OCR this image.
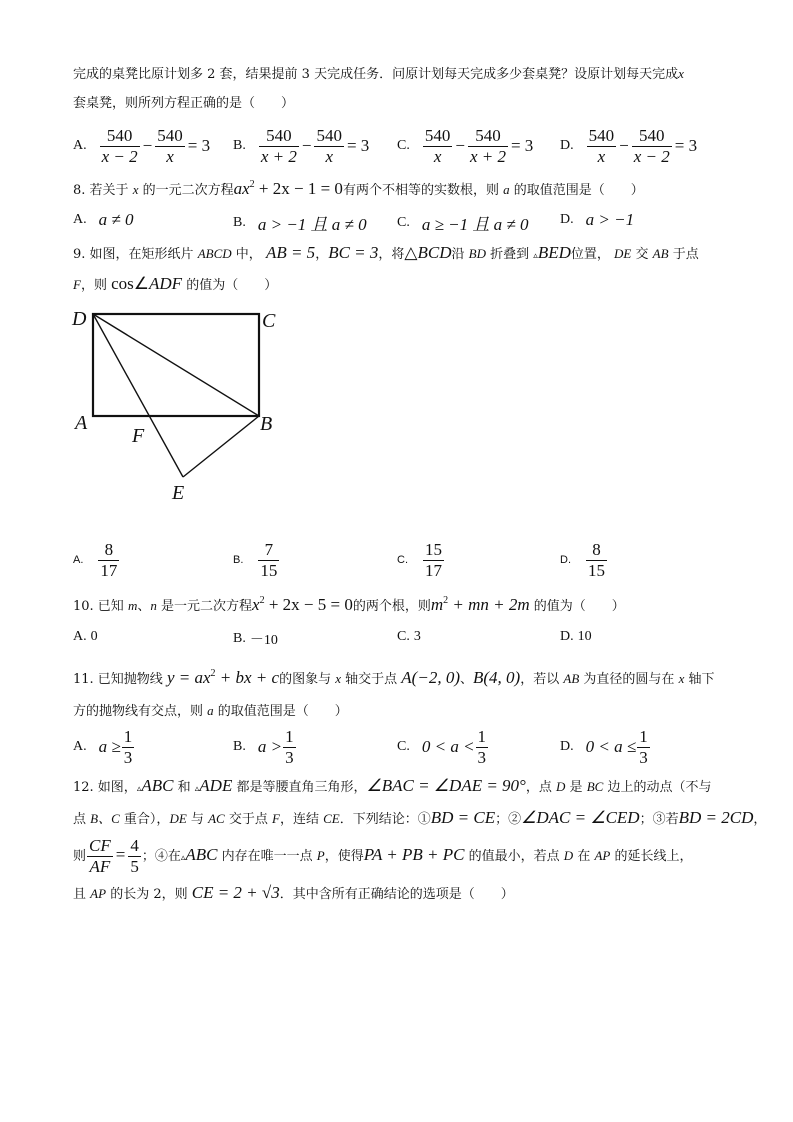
完成的桌凳比原计划多 2 套，结果提前 3 天完成任务．问原计划每天完成多少套桌凳？设原计划每天完成x
套桌凳，则所列方程正确的是（　　）
A. $\frac{540}{x - 2} - \frac{540}{x} = 3$ B. $\frac{540}{x + 2} - \frac{540}{x} = 3$ C. $\frac{540}{x} - \frac{540}{x + 2} = 3$ D. $\frac{540}{x} - \frac{540}{x - 2} = 3$
8. 若关于 x 的一元二次方程$ax^2 + 2x - 1 = 0$有两个不相等的实数根，则 a 的取值范围是（　　）
A. a ≠ 0	B. a > −1 且 a ≠ 0 C. a ≥ −1 且 a ≠ 0 D. a > −1
9. 如图，在矩形纸片 ABCD 中， AB = 5，BC = 3，将△BCD沿 BD 折叠到 ▵BED位置， DE 交 AB 于点
F，则 cos∠ADF 的值为（　　）
D	C
A	B
F
E
A. $\frac{8}{17}$	B. $\frac{7}{15}$	C. $\frac{15}{17}$	D. $\frac{8}{15}$
10. 已知 m、n 是一元二次方程$x^2 + 2x - 5 = 0$的两个根，则$m^2$ + mn + 2m 的值为（　　）
A. 0	B. －10	C. 3	D. 10
11. 已知抛物线 $y = ax^2$ + bx + c的图象与 x 轴交于点 A(−2, 0)、B(4, 0)，若以 AB 为直径的圆与在 x 轴下
方的抛物线有交点，则 a 的取值范围是（　　）
A. $a \ge \frac{1}{3}$	B. $a > \frac{1}{3}$	C. $0 < a < \frac{1}{3}$	D. $0 < a \le \frac{1}{3}$
12. 如图，▵ABC 和 ▵ADE 都是等腰直角三角形，∠BAC = ∠DAE = 90°，点 D 是 BC 边上的动点（不与
点 B、C 重合），DE 与 AC 交于点 F，连结 CE．下列结论：①BD = CE；②∠DAC = ∠CED；③若BD = 2CD，
则 $\frac{CF}{AF} = \frac{4}{5}$ ；④在▵ABC 内存在唯一一点 P，使得PA + PB + PC 的值最小，若点 D 在 AP 的延长线上，
且 AP 的长为 2，则 CE = 2 + √3．其中含所有正确结论的选项是（　　）
